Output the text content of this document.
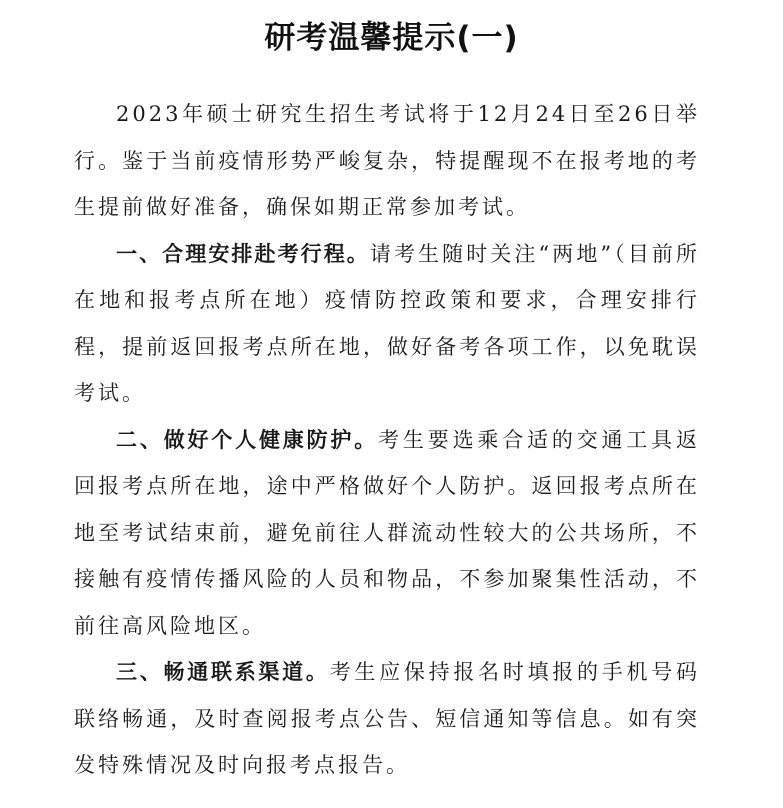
研考温馨提示(一)

2023年硕士研究生招生考试将于12月24日至26日举行。鉴于当前疫情形势严峻复杂，特提醒现不在报考地的考生提前做好准备，确保如期正常参加考试。

一、合理安排赴考行程。请考生随时关注“两地”（目前所在地和报考点所在地）疫情防控政策和要求，合理安排行程，提前返回报考点所在地，做好备考各项工作，以免耽误考试。

二、做好个人健康防护。考生要选乘合适的交通工具返回报考点所在地，途中严格做好个人防护。返回报考点所在地至考试结束前，避免前往人群流动性较大的公共场所，不接触有疫情传播风险的人员和物品，不参加聚集性活动，不前往高风险地区。

三、畅通联系渠道。考生应保持报名时填报的手机号码联络畅通，及时查阅报考点公告、短信通知等信息。如有突发特殊情况及时向报考点报告。
